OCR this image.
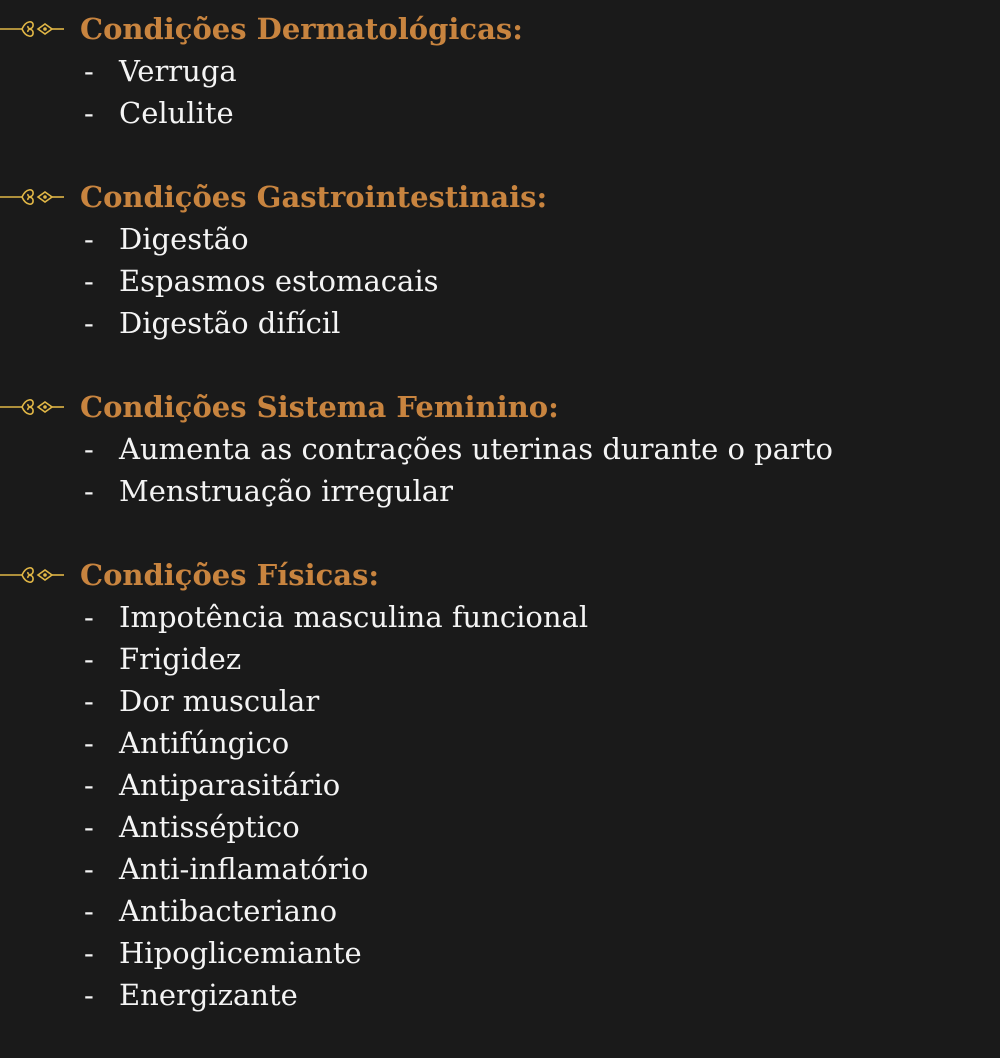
Condições Dermatológicas:
- Verruga
- Celulite
Condições Gastrointestinais:
- Digestão
- Espasmos estomacais
- Digestão difícil
Condições Sistema Feminino:
- Aumenta as contrações uterinas durante o parto
- Menstruação irregular
Condições Físicas:
- Impotência masculina funcional
- Frigidez
- Dor muscular
- Antifúngico
- Antiparasitário
- Antisséptico
- Anti-inflamatório
- Antibacteriano
- Hipoglicemiante
- Energizante
